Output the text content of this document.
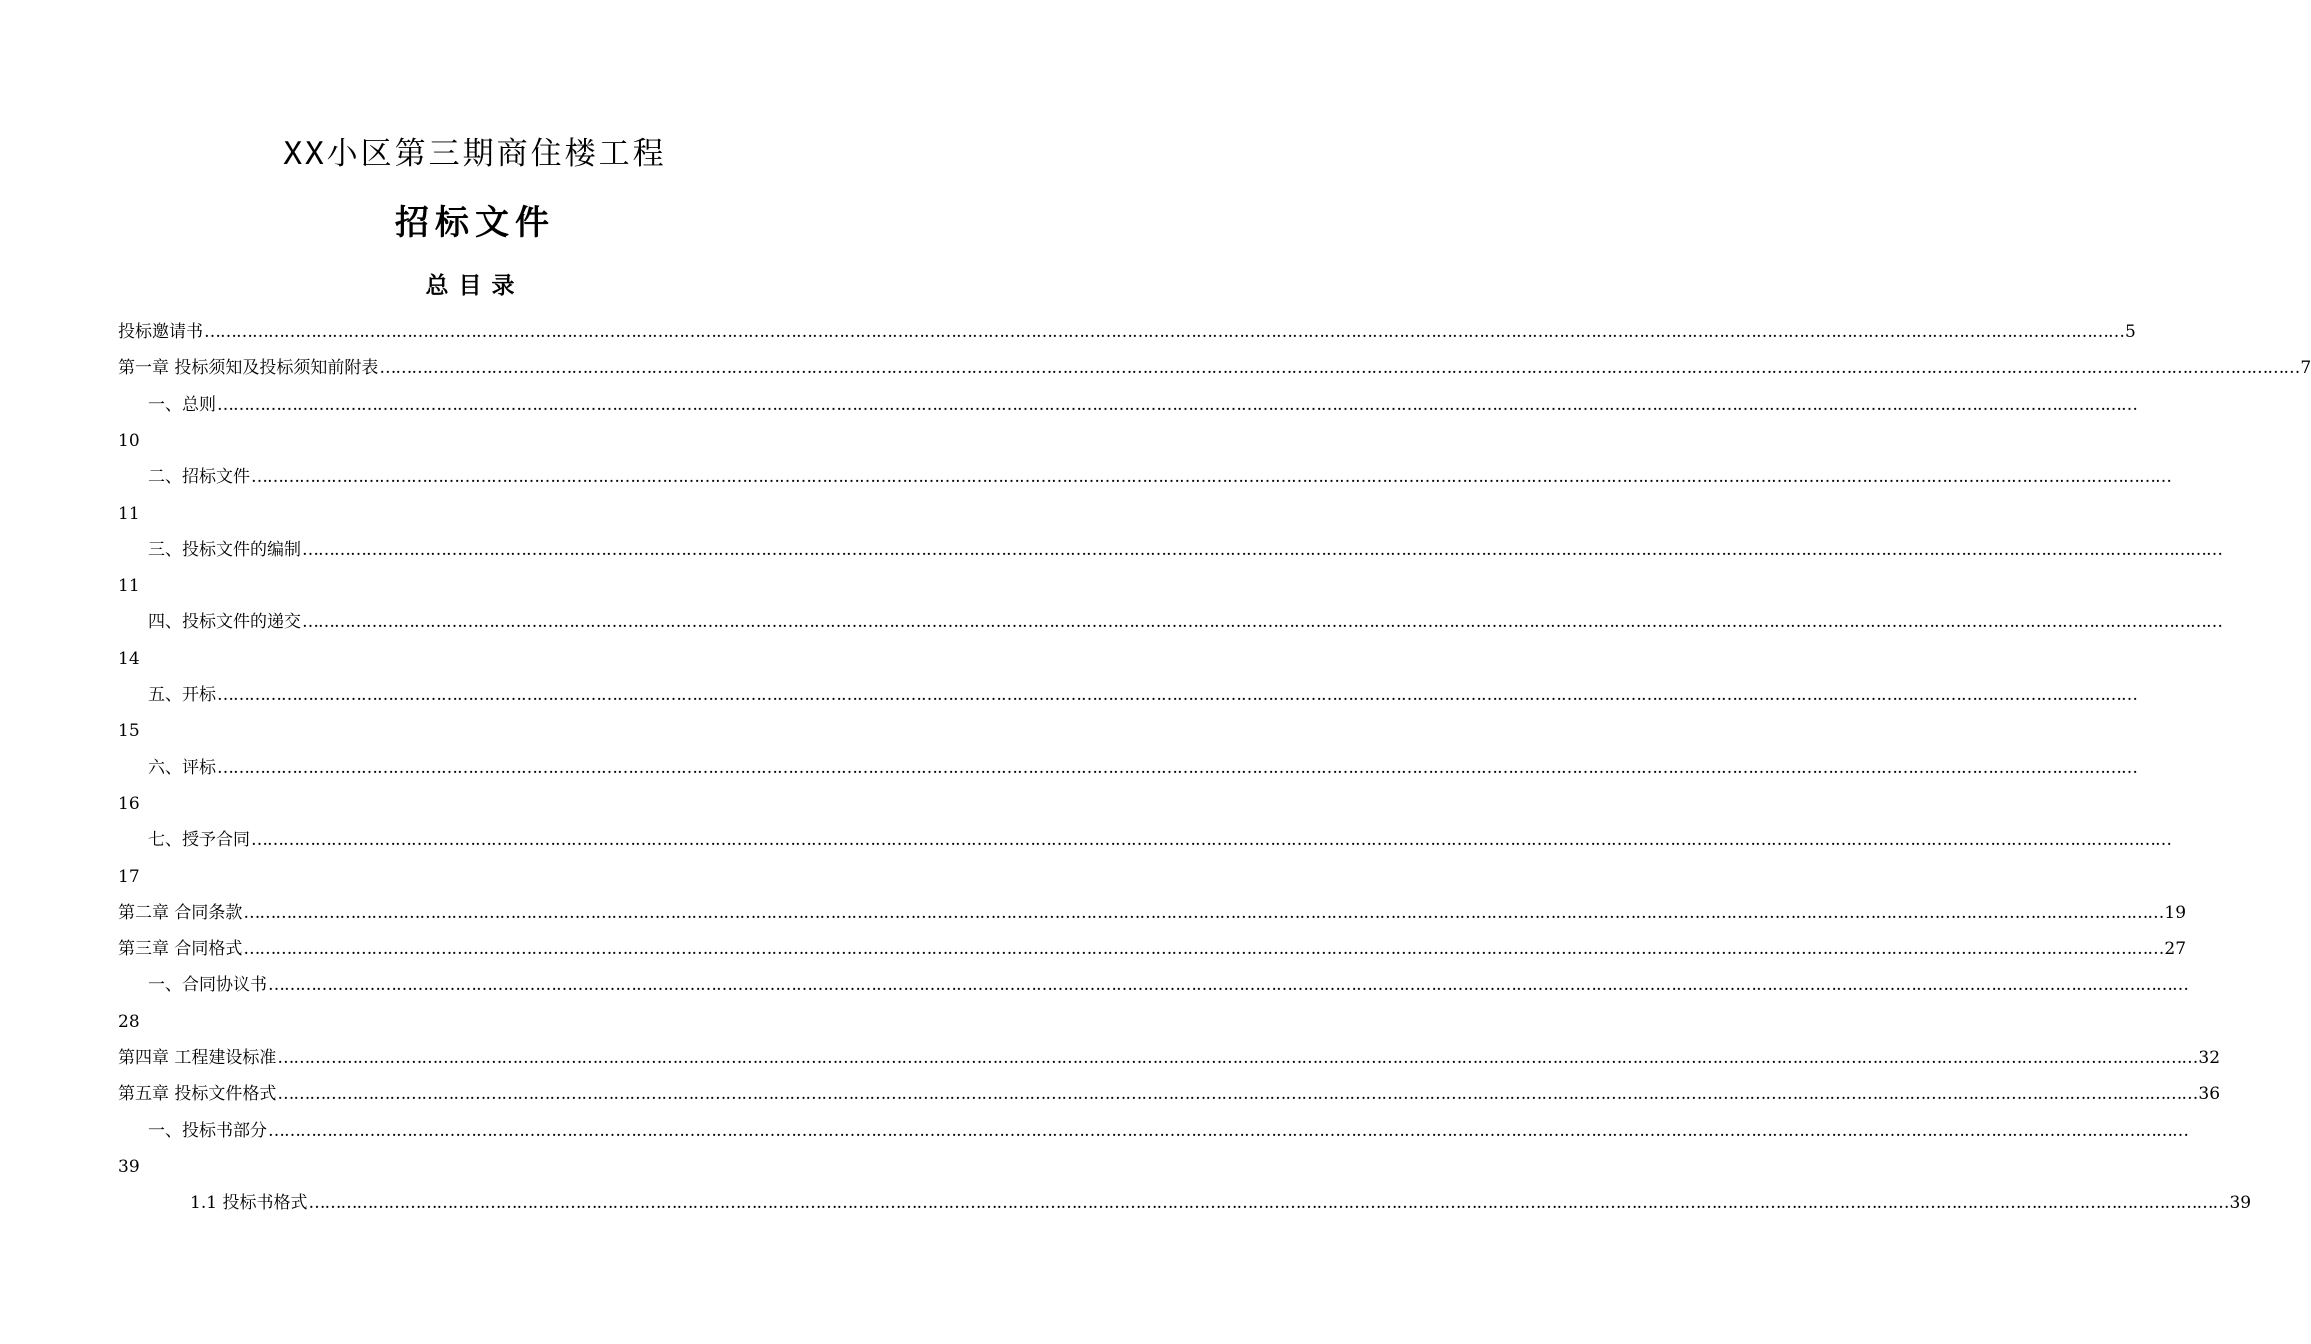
XX小区第三期商住楼工程
招标文件
总目录
投标邀请书 ……………………………………………………………………………………………………………………………………………………………………………………………………………………………………………………………………………………………………………………………… 5
第一章 投标须知及投标须知前附表 ……………………………………………………………………………………………………………………………………………………………………………………………………………………………………………………………………………………………………………………………… 7
一、总则 ………………………………………………………………………………………………………………………………………………………………………………………………………………………………………………………………………………………………………………………………
10
二、招标文件 ………………………………………………………………………………………………………………………………………………………………………………………………………………………………………………………………………………………………………………………………
11
三、投标文件的编制 ………………………………………………………………………………………………………………………………………………………………………………………………………………………………………………………………………………………………………………………………
11
四、投标文件的递交 ………………………………………………………………………………………………………………………………………………………………………………………………………………………………………………………………………………………………………………………………
14
五、开标 ………………………………………………………………………………………………………………………………………………………………………………………………………………………………………………………………………………………………………………………………
15
六、评标 ………………………………………………………………………………………………………………………………………………………………………………………………………………………………………………………………………………………………………………………………
16
七、授予合同 ………………………………………………………………………………………………………………………………………………………………………………………………………………………………………………………………………………………………………………………………
17
第二章 合同条款 ……………………………………………………………………………………………………………………………………………………………………………………………………………………………………………………………………………………………………………………………… 19
第三章 合同格式 ……………………………………………………………………………………………………………………………………………………………………………………………………………………………………………………………………………………………………………………………… 27
一、合同协议书 ………………………………………………………………………………………………………………………………………………………………………………………………………………………………………………………………………………………………………………………………
28
第四章 工程建设标准 ……………………………………………………………………………………………………………………………………………………………………………………………………………………………………………………………………………………………………………………………… 32
第五章 投标文件格式 ……………………………………………………………………………………………………………………………………………………………………………………………………………………………………………………………………………………………………………………………… 36
一、投标书部分 ………………………………………………………………………………………………………………………………………………………………………………………………………………………………………………………………………………………………………………………………
39
1.1 投标书格式 ……………………………………………………………………………………………………………………………………………………………………………………………………………………………………………………………………………………………………………………………… 39
